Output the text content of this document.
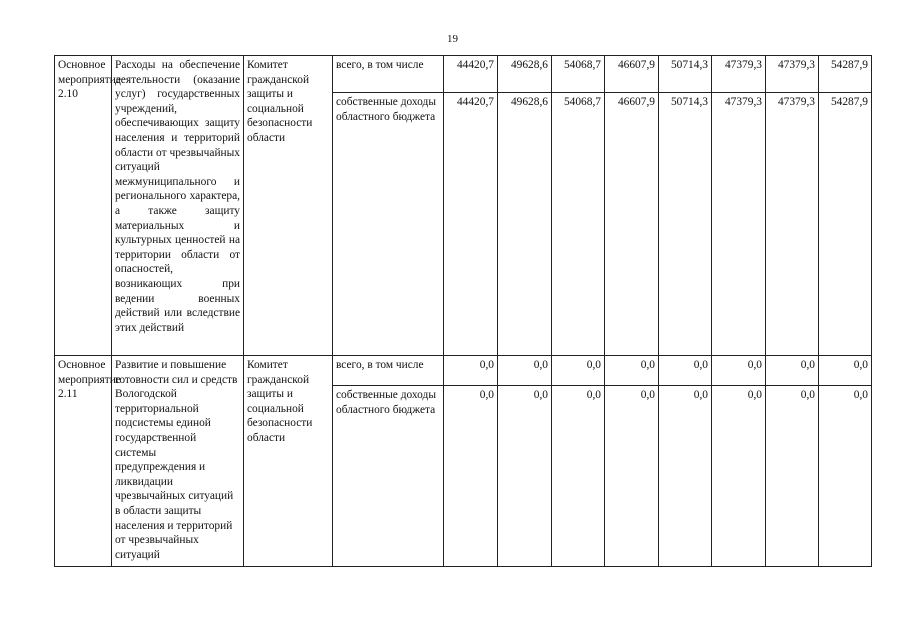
19
Основное мероприятие 2.10	Расходы на обеспечение деятельности (оказание услуг) государственных учреждений, обеспечивающих защиту населения и территорий области от чрезвычайных ситуаций межмуниципального и регионального характера, а также защиту материальных и культурных ценностей на территории области от опасностей, возникающих при ведении военных действий или вследствие этих действий	Комитет гражданской защиты и социальной безопасности области	всего, в том числе	44420,7	49628,6	54068,7	46607,9	50714,3	47379,3	47379,3	54287,9
			собственные доходы областного бюджета	44420,7	49628,6	54068,7	46607,9	50714,3	47379,3	47379,3	54287,9
Основное мероприятие 2.11	Развитие и повышение готовности сил и средств Вологодской территориальной подсистемы единой государственной системы предупреждения и ликвидации чрезвычайных ситуаций в области защиты населения и территорий от чрезвычайных ситуаций	Комитет гражданской защиты и социальной безопасности области	всего, в том числе	0,0	0,0	0,0	0,0	0,0	0,0	0,0	0,0
			собственные доходы областного бюджета	0,0	0,0	0,0	0,0	0,0	0,0	0,0	0,0
